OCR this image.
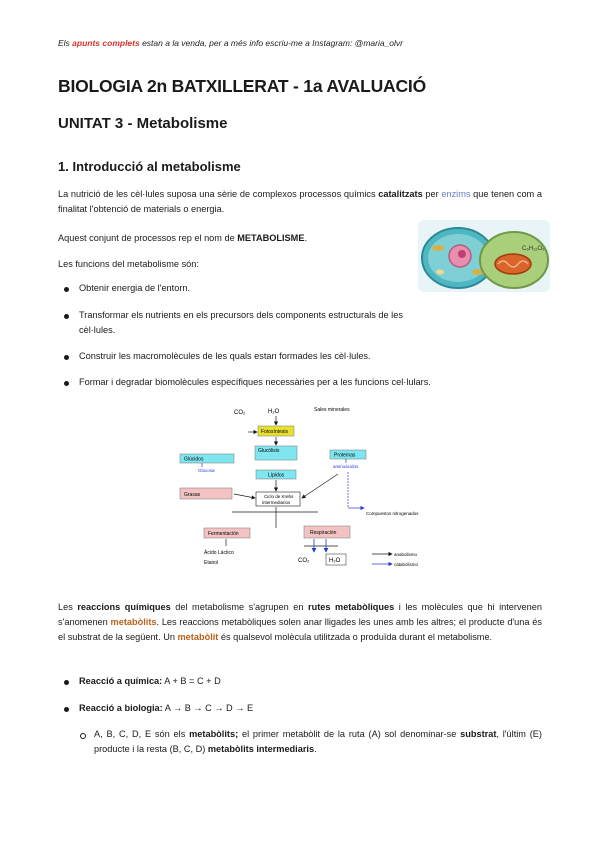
Els apunts complets estan a la venda, per a més info escriu-me a Instagram: @maria_olvr
BIOLOGIA 2n BATXILLERAT - 1a AVALUACIÓ
UNITAT 3 - Metabolisme
1. Introducció al metabolisme
La nutrició de les cèl·lules suposa una sèrie de complexos processos químics catalitzats per enzims que tenen com a finalitat l'obtenció de materials o energia.
Aquest conjunt de processos rep el nom de METABOLISME.
Les funcions del metabolisme són:
C₆H₁₂O₆
Obtenir energia de l'entorn.
Transformar els nutrients en els precursors dels components estructurals de les cèl·lules.
Construir les macromolècules de les quals estan formades les cèl·lules.
Formar i degradar biomolècules específiques necessàries per a les funcions cel·lulars.
CO₂	H₂O	Sales minerales
Fotosíntesis
Glucólisis
Glúcidos
Glucosa
Lípidos
Proteínas
aminoácidos
Grasas	Ciclo de Krebs
intermediarios
Compuestos nitrogenados
Fermentación
Ácido Láctico
Etanol
Respiración
CO₂	H₂O
anabolismo
catabolismo
Les reaccions químiques del metabolisme s'agrupen en rutes metabòliques i les molècules que hi intervenen s'anomenen metabòlits. Les reaccions metabòliques solen anar lligades les unes amb les altres; el producte d'una és el substrat de la següent. Un metabòlit és qualsevol molècula utilitzada o produïda durant el metabolisme.
Reacció a química: A + B = C + D
Reacció a biologia: A → B → C → D → E
A, B, C, D, E són els metabòlits; el primer metabòlit de la ruta (A) sol denominar-se substrat, l'últim (E) producte i la resta (B, C, D) metabòlits intermediaris.
